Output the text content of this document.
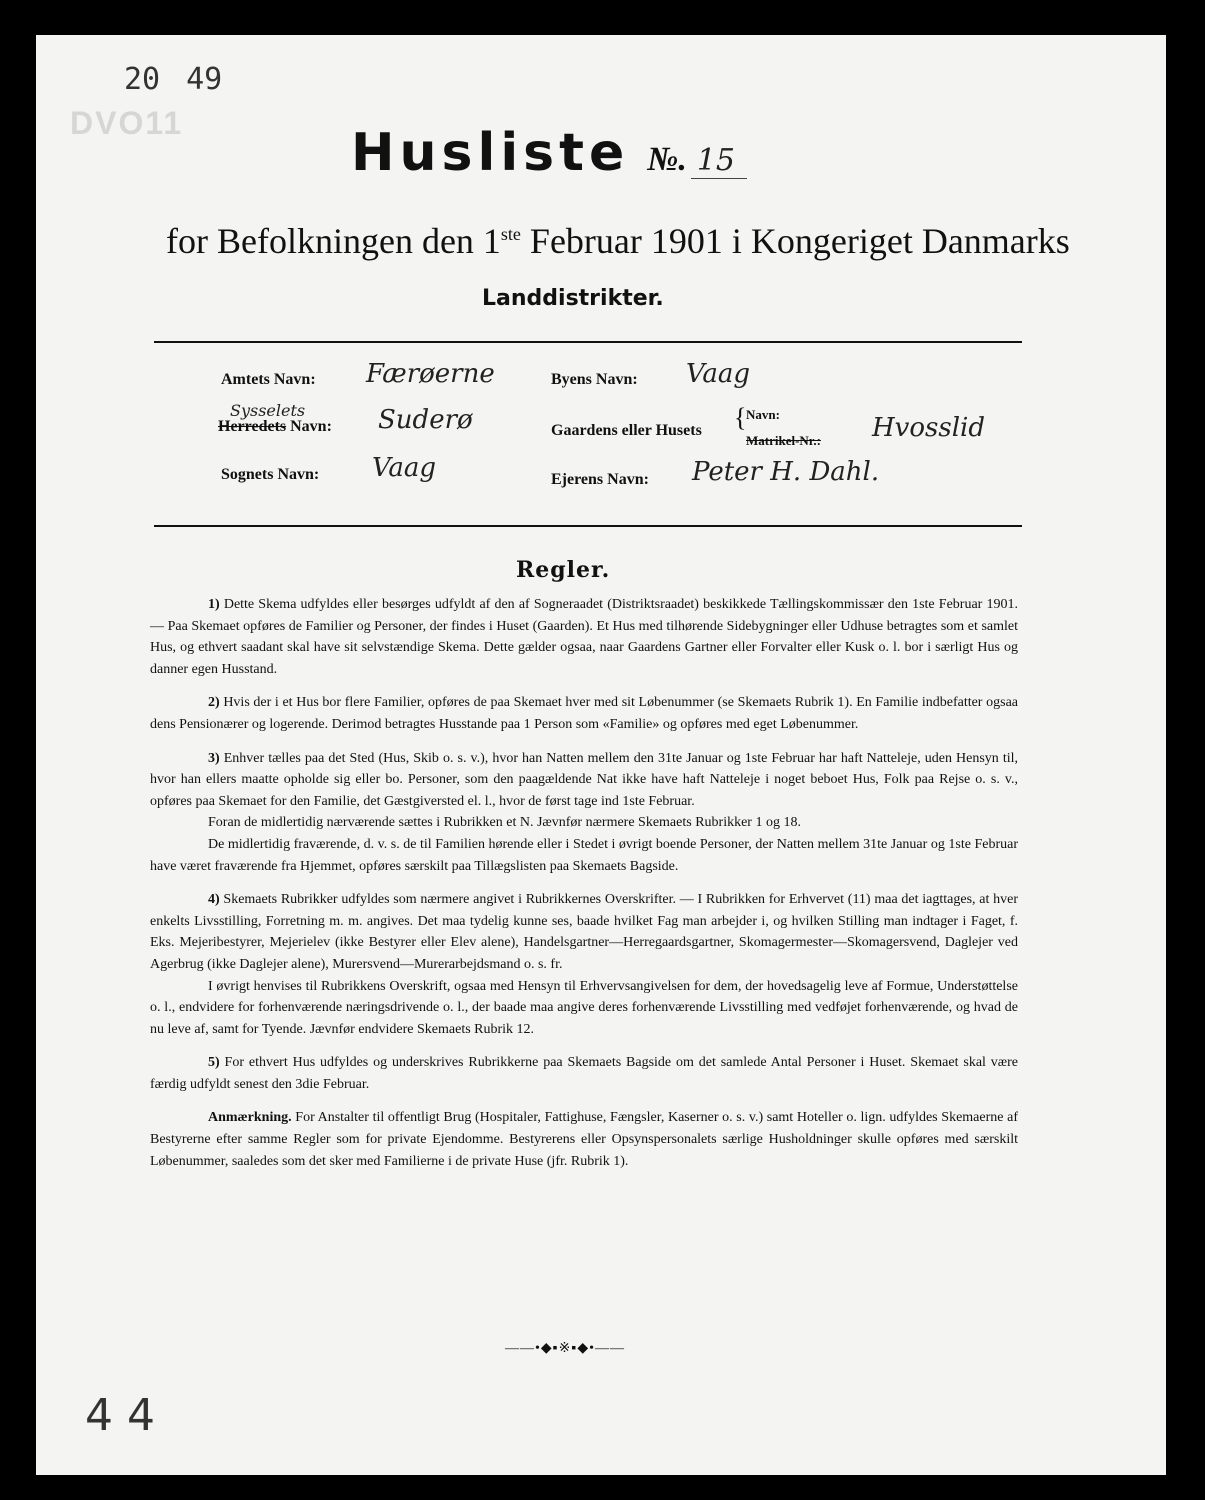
20 49
DVO11	Husliste №. 15
for Befolkningen den 1ste Februar 1901 i Kongeriget Danmarks
Landdistrikter.
Amtets Navn: Færøerne
Sysselets
Herredets Navn: Suderø
Sognets Navn: Vaag
Byens Navn: Vaag
Gaardens eller Husets { Navn:
Matrikel-Nr.: Hvosslid
Ejerens Navn: Peter H. Dahl.
Regler.

1) Dette Skema udfyldes eller besørges udfyldt af den af Sogneraadet (Distriktsraadet) beskikkede Tællingskommissær den 1ste Februar 1901. — Paa Skemaet opføres de Familier og Personer, der findes i Huset (Gaarden). Et Hus med tilhørende Sidebygninger eller Udhuse betragtes som et samlet Hus, og ethvert saadant skal have sit selvstændige Skema. Dette gælder ogsaa, naar Gaardens Gartner eller Forvalter eller Kusk o. l. bor i særligt Hus og danner egen Husstand.

2) Hvis der i et Hus bor flere Familier, opføres de paa Skemaet hver med sit Løbenummer (se Skemaets Rubrik 1). En Familie indbefatter ogsaa dens Pensionærer og logerende. Derimod betragtes Husstande paa 1 Person som «Familie» og opføres med eget Løbenummer.

3) Enhver tælles paa det Sted (Hus, Skib o. s. v.), hvor han Natten mellem den 31te Januar og 1ste Februar har haft Natteleje, uden Hensyn til, hvor han ellers maatte opholde sig eller bo. Personer, som den paagældende Nat ikke have haft Natteleje i noget beboet Hus, Folk paa Rejse o. s. v., opføres paa Skemaet for den Familie, det Gæstgiversted el. l., hvor de først tage ind 1ste Februar.

Foran de midlertidig nærværende sættes i Rubrikken et N. Jævnfør nærmere Skemaets Rubrikker 1 og 18.

De midlertidig fraværende, d. v. s. de til Familien hørende eller i Stedet i øvrigt boende Personer, der Natten mellem 31te Januar og 1ste Februar have været fraværende fra Hjemmet, opføres særskilt paa Tillægslisten paa Skemaets Bagside.

4) Skemaets Rubrikker udfyldes som nærmere angivet i Rubrikkernes Overskrifter. — I Rubrikken for Erhvervet (11) maa det iagttages, at hver enkelts Livsstilling, Forretning m. m. angives. Det maa tydelig kunne ses, baade hvilket Fag man arbejder i, og hvilken Stilling man indtager i Faget, f. Eks. Mejeribestyrer, Mejerielev (ikke Bestyrer eller Elev alene), Handelsgartner—Herregaardsgartner, Skomagermester—Skomagersvend, Daglejer ved Agerbrug (ikke Daglejer alene), Murersvend—Murerarbejdsmand o. s. fr.

I øvrigt henvises til Rubrikkens Overskrift, ogsaa med Hensyn til Erhvervsangivelsen for dem, der hovedsagelig leve af Formue, Understøttelse o. l., endvidere for forhenværende næringsdrivende o. l., der baade maa angive deres forhenværende Livsstilling med vedføjet forhenværende, og hvad de nu leve af, samt for Tyende. Jævnfør endvidere Skemaets Rubrik 12.

5) For ethvert Hus udfyldes og underskrives Rubrikkerne paa Skemaets Bagside om det samlede Antal Personer i Huset. Skemaet skal være færdig udfyldt senest den 3die Februar.

Anmærkning. For Anstalter til offentligt Brug (Hospitaler, Fattighuse, Fængsler, Kaserner o. s. v.) samt Hoteller o. lign. udfyldes Skemaerne af Bestyrerne efter samme Regler som for private Ejendomme. Bestyrerens eller Opsynspersonalets særlige Husholdninger skulle opføres med særskilt Løbenummer, saaledes som det sker med Familierne i de private Huse (jfr. Rubrik 1).

——•◆▪※▪◆•——
4 4
